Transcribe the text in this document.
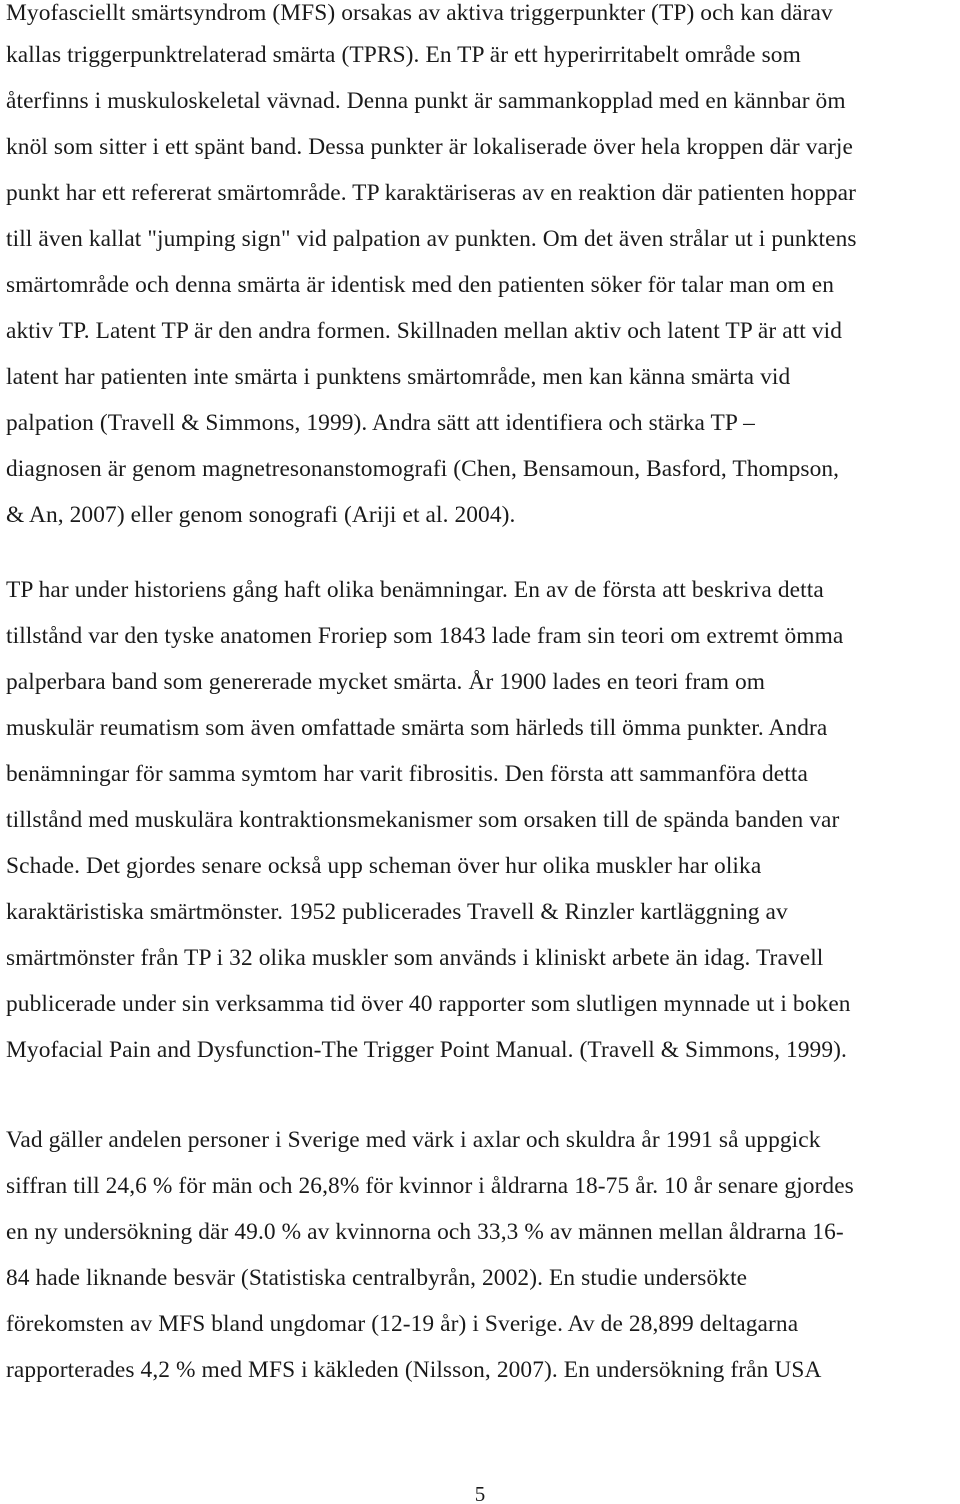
Myofasciellt smärtsyndrom (MFS) orsakas av aktiva triggerpunkter (TP) och kan därav
kallas triggerpunktrelaterad smärta (TPRS). En TP är ett hyperirritabelt område som
återfinns i muskuloskeletal vävnad. Denna punkt är sammankopplad med en kännbar öm
knöl som sitter i ett spänt band. Dessa punkter är lokaliserade över hela kroppen där varje
punkt har ett refererat smärtområde. TP karaktäriseras av en reaktion där patienten hoppar
till även kallat "jumping sign" vid palpation av punkten. Om det även strålar ut i punktens
smärtområde och denna smärta är identisk med den patienten söker för talar man om en
aktiv TP. Latent TP är den andra formen. Skillnaden mellan aktiv och latent TP är att vid
latent har patienten inte smärta i punktens smärtområde, men kan känna smärta vid
palpation (Travell & Simmons, 1999). Andra sätt att identifiera och stärka TP –
diagnosen är genom magnetresonanstomografi (Chen, Bensamoun, Basford, Thompson,
& An, 2007) eller genom sonografi (Ariji et al. 2004).
TP har under historiens gång haft olika benämningar. En av de första att beskriva detta
tillstånd var den tyske anatomen Froriep som 1843 lade fram sin teori om extremt ömma
palperbara band som genererade mycket smärta. År 1900 lades en teori fram om
muskulär reumatism som även omfattade smärta som härleds till ömma punkter. Andra
benämningar för samma symtom har varit fibrositis. Den första att sammanföra detta
tillstånd med muskulära kontraktionsmekanismer som orsaken till de spända banden var
Schade. Det gjordes senare också upp scheman över hur olika muskler har olika
karaktäristiska smärtmönster. 1952 publicerades Travell & Rinzler kartläggning av
smärtmönster från TP i 32 olika muskler som används i kliniskt arbete än idag. Travell
publicerade under sin verksamma tid över 40 rapporter som slutligen mynnade ut i boken
Myofacial Pain and Dysfunction-The Trigger Point Manual. (Travell & Simmons, 1999).
Vad gäller andelen personer i Sverige med värk i axlar och skuldra år 1991 så uppgick
siffran till 24,6 % för män och 26,8% för kvinnor i åldrarna 18-75 år. 10 år senare gjordes
en ny undersökning där 49.0 % av kvinnorna och 33,3 % av männen mellan åldrarna 16-
84 hade liknande besvär (Statistiska centralbyrån, 2002). En studie undersökte
förekomsten av MFS bland ungdomar (12-19 år) i Sverige. Av de 28,899 deltagarna
rapporterades 4,2 % med MFS i käkleden (Nilsson, 2007). En undersökning från USA
5
